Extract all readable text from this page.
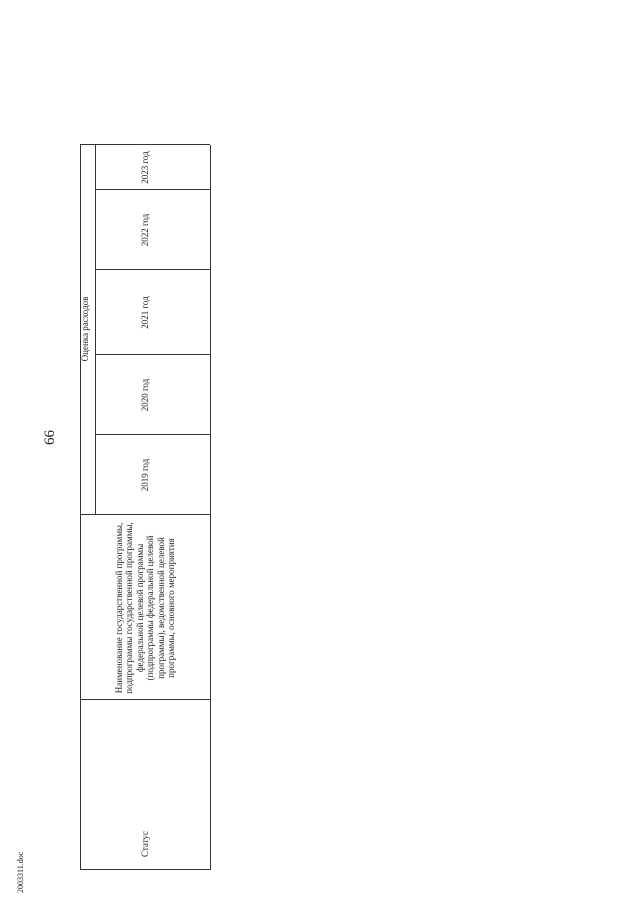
66
2003311.doc
Статус
Наименование государственной программы, подпрограммы государственной программы, федеральной целевой программы (подпрограммы федеральной целевой программы), ведомственной целевой программы, основного мероприятия
Оценка расходов
2019 год
2020 год
2021 год
2022 год
2023 год
